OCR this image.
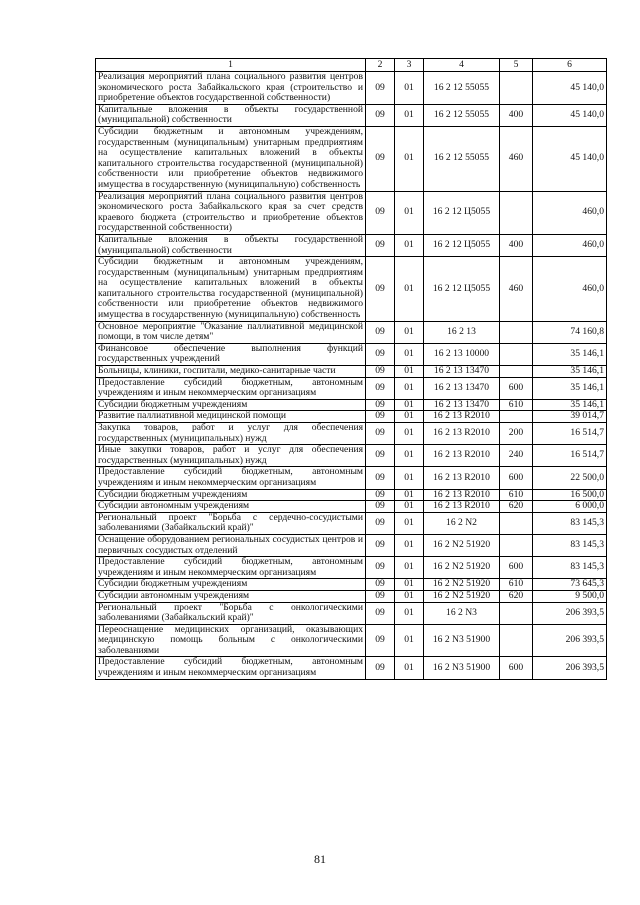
1	2	3	4	5	6
Реализация мероприятий плана социального развития центров экономического роста Забайкальского края (строительство и приобретение объектов государственной собственности)	09	01	16 2 12 55055		45 140,0
Капитальные вложения в объекты государственной (муниципальной) собственности	09	01	16 2 12 55055	400	45 140,0
Субсидии бюджетным и автономным учреждениям, государственным (муниципальным) унитарным предприятиям на осуществление капитальных вложений в объекты капитального строительства государственной (муниципальной) собственности или приобретение объектов недвижимого имущества в государственную (муниципальную) собственность	09	01	16 2 12 55055	460	45 140,0
Реализация мероприятий плана социального развития центров экономического роста Забайкальского края за счет средств краевого бюджета (строительство и приобретение объектов государственной собственности)	09	01	16 2 12 Ц5055		460,0
Капитальные вложения в объекты государственной (муниципальной) собственности	09	01	16 2 12 Ц5055	400	460,0
Субсидии бюджетным и автономным учреждениям, государственным (муниципальным) унитарным предприятиям на осуществление капитальных вложений в объекты капитального строительства государственной (муниципальной) собственности или приобретение объектов недвижимого имущества в государственную (муниципальную) собственность	09	01	16 2 12 Ц5055	460	460,0
Основное мероприятие "Оказание паллиативной медицинской помощи, в том числе детям"	09	01	16 2 13		74 160,8
Финансовое обеспечение выполнения функций государственных учреждений	09	01	16 2 13 10000		35 146,1
Больницы, клиники, госпитали, медико-санитарные части	09	01	16 2 13 13470		35 146,1
Предоставление субсидий бюджетным, автономным учреждениям и иным некоммерческим организациям	09	01	16 2 13 13470	600	35 146,1
Субсидии бюджетным учреждениям	09	01	16 2 13 13470	610	35 146,1
Развитие паллиативной медицинской помощи	09	01	16 2 13 R2010		39 014,7
Закупка товаров, работ и услуг для обеспечения государственных (муниципальных) нужд	09	01	16 2 13 R2010	200	16 514,7
Иные закупки товаров, работ и услуг для обеспечения государственных (муниципальных) нужд	09	01	16 2 13 R2010	240	16 514,7
Предоставление субсидий бюджетным, автономным учреждениям и иным некоммерческим организациям	09	01	16 2 13 R2010	600	22 500,0
Субсидии бюджетным учреждениям	09	01	16 2 13 R2010	610	16 500,0
Субсидии автономным учреждениям	09	01	16 2 13 R2010	620	6 000,0
Региональный проект "Борьба с сердечно-сосудистыми заболеваниями (Забайкальский край)"	09	01	16 2 N2		83 145,3
Оснащение оборудованием региональных сосудистых центров и первичных сосудистых отделений	09	01	16 2 N2 51920		83 145,3
Предоставление субсидий бюджетным, автономным учреждениям и иным некоммерческим организациям	09	01	16 2 N2 51920	600	83 145,3
Субсидии бюджетным учреждениям	09	01	16 2 N2 51920	610	73 645,3
Субсидии автономным учреждениям	09	01	16 2 N2 51920	620	9 500,0
Региональный проект "Борьба с онкологическими заболеваниями (Забайкальский край)"	09	01	16 2 N3		206 393,5
Переоснащение медицинских организаций, оказывающих медицинскую помощь больным с онкологическими заболеваниями	09	01	16 2 N3 51900		206 393,5
Предоставление субсидий бюджетным, автономным учреждениям и иным некоммерческим организациям	09	01	16 2 N3 51900	600	206 393,5
81
